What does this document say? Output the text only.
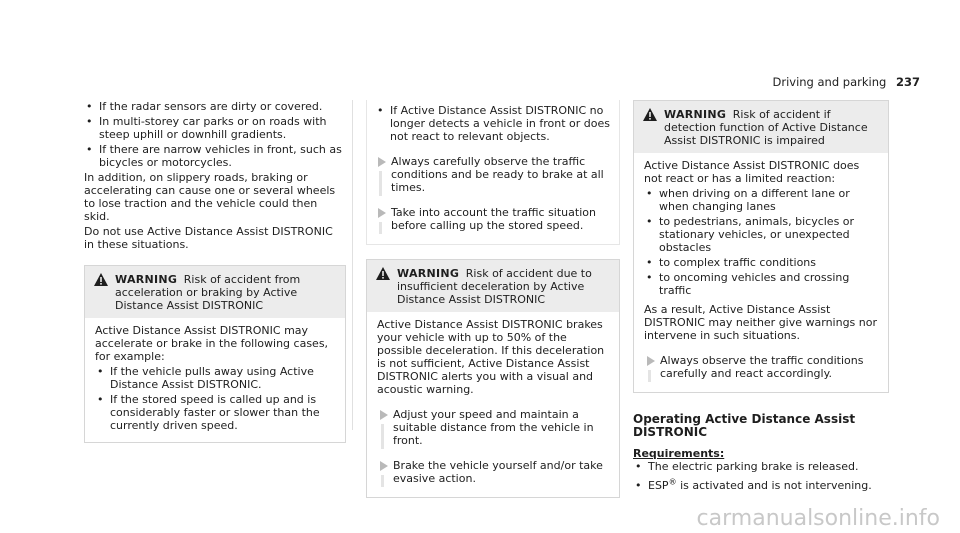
Driving and parking 237
• If the radar sensors are dirty or covered.
• In multi-storey car parks or on roads with steep uphill or downhill gradients.
• If there are narrow vehicles in front, such as bicycles or motorcycles.

In addition, on slippery roads, braking or accelerating can cause one or several wheels to lose traction and the vehicle could then skid.

Do not use Active Distance Assist DISTRONIC in these situations.

WARNING Risk of accident from acceleration or braking by Active Distance Assist DISTRONIC

Active Distance Assist DISTRONIC may accelerate or brake in the following cases, for example:

• If the vehicle pulls away using Active Distance Assist DISTRONIC.
• If the stored speed is called up and is considerably faster or slower than the currently driven speed.
• If Active Distance Assist DISTRONIC no longer detects a vehicle in front or does not react to relevant objects.
Always carefully observe the traffic conditions and be ready to brake at all times.
Take into account the traffic situation before calling up the stored speed.
WARNING Risk of accident due to insufficient deceleration by Active Distance Assist DISTRONIC

Active Distance Assist DISTRONIC brakes your vehicle with up to 50% of the possible deceleration. If this deceleration is not sufficient, Active Distance Assist DISTRONIC alerts you with a visual and acoustic warning.

Adjust your speed and maintain a suitable distance from the vehicle in front.
Brake the vehicle yourself and/or take evasive action.
WARNING Risk of accident if detection function of Active Distance Assist DISTRONIC is impaired

Active Distance Assist DISTRONIC does not react or has a limited reaction:

• when driving on a different lane or when changing lanes
• to pedestrians, animals, bicycles or stationary vehicles, or unexpected obstacles
• to complex traffic conditions
• to oncoming vehicles and crossing traffic

As a result, Active Distance Assist DISTRONIC may neither give warnings nor intervene in such situations.

Always observe the traffic conditions carefully and react accordingly.
Operating Active Distance Assist DISTRONIC
Requirements:
• The electric parking brake is released.
• ESP® is activated and is not intervening.
carmanualsonline.info
